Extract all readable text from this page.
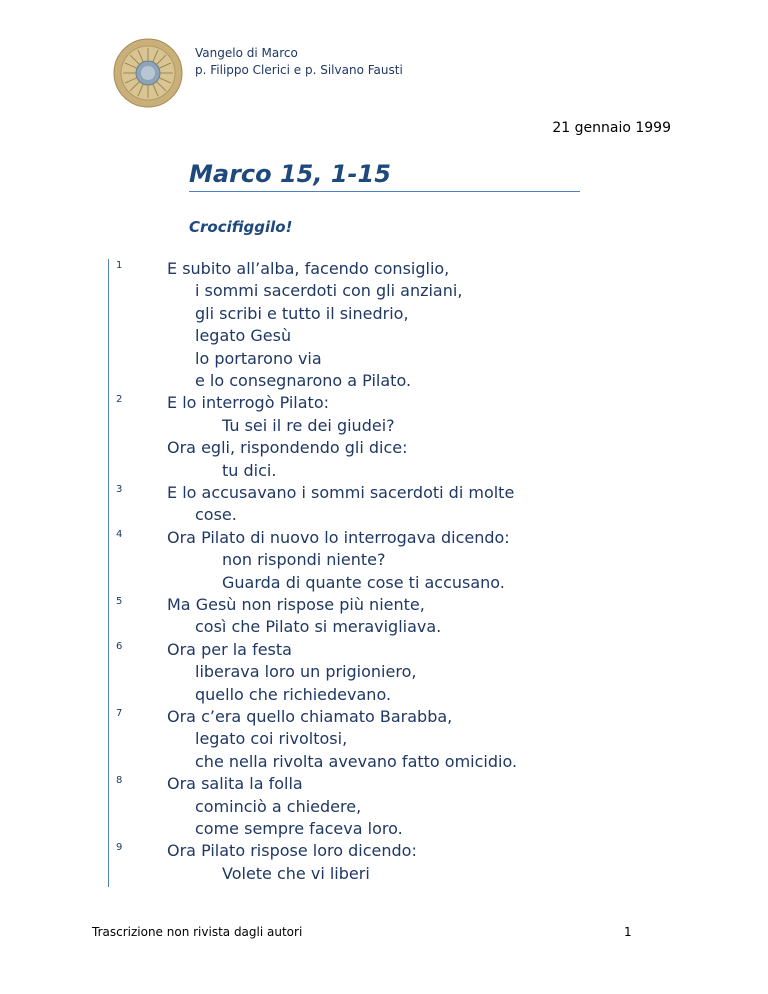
Vangelo di Marco
p. Filippo Clerici e p. Silvano Fausti
21 gennaio 1999
Marco 15, 1-15
Crocifiggilo!
1
2
3
4
5
6
7
8
9
E subito all’alba, facendo consiglio,
i sommi sacerdoti con gli anziani,
gli scribi e tutto il sinedrio,
legato Gesù
lo portarono via
e lo consegnarono a Pilato.
E lo interrogò Pilato:
Tu sei il re dei giudei?
Ora egli, rispondendo gli dice:
tu dici.
E lo accusavano i sommi sacerdoti di molte
cose.
Ora Pilato di nuovo lo interrogava dicendo:
non rispondi niente?
Guarda di quante cose ti accusano.
Ma Gesù non rispose più niente,
così che Pilato si meravigliava.
Ora per la festa
liberava loro un prigioniero,
quello che richiedevano.
Ora c’era quello chiamato Barabba,
legato coi rivoltosi,
che nella rivolta avevano fatto omicidio.
Ora salita la folla
cominciò a chiedere,
come sempre faceva loro.
Ora Pilato rispose loro dicendo:
Volete che vi liberi
Trascrizione non rivista dagli autori	1
